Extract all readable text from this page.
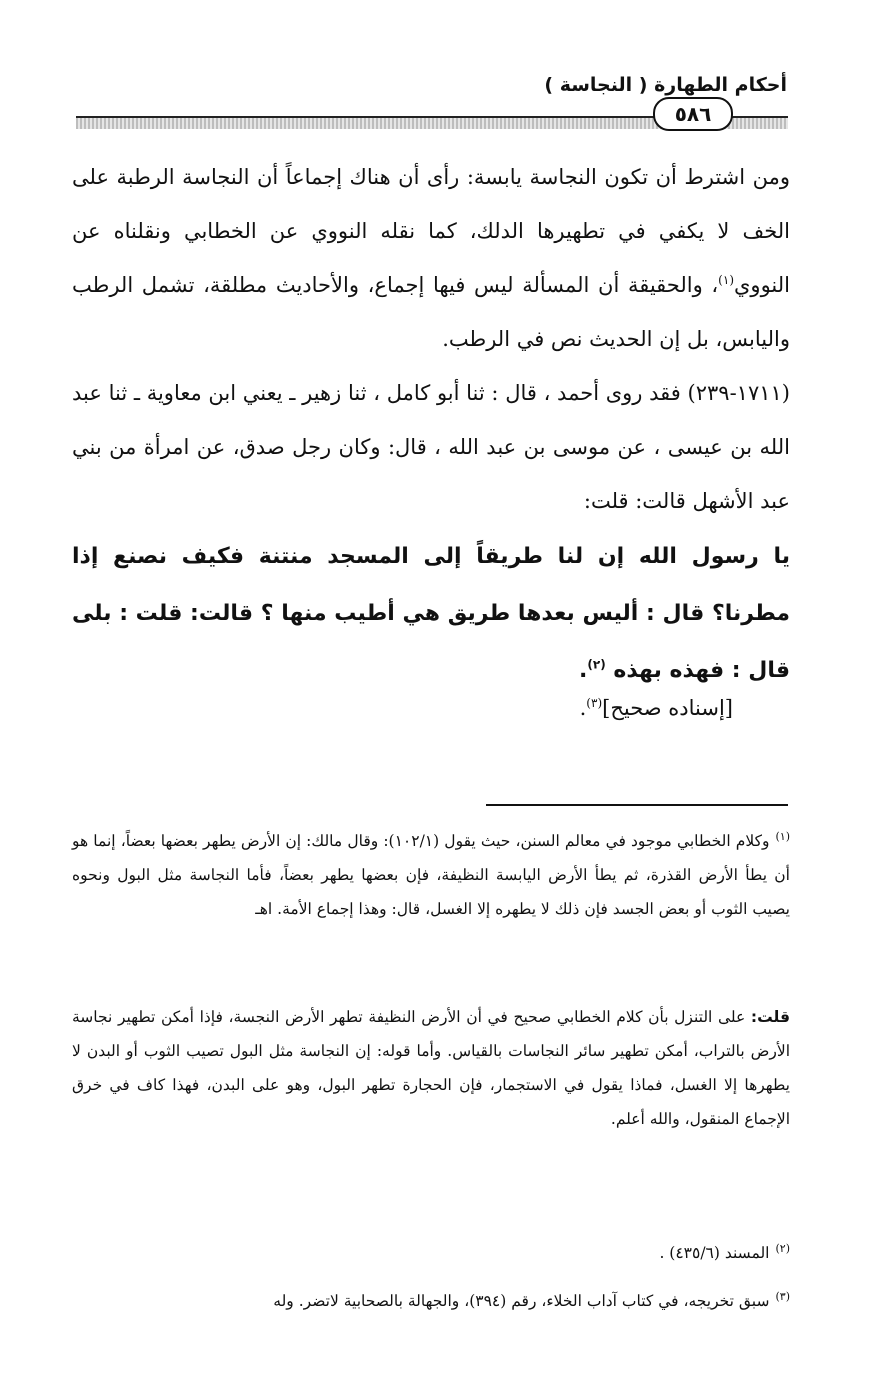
أحكام الطهارة ( النجاسة )
٥٨٦
ومن اشترط أن تكون النجاسة يابسة: رأى أن هناك إجماعاً أن النجاسة الرطبة على الخف لا يكفي في تطهيرها الدلك، كما نقله النووي عن الخطابي ونقلناه عن النووي$^{(١)}$، والحقيقة أن المسألة ليس فيها إجماع، والأحاديث مطلقة، تشمل الرطب واليابس، بل إن الحديث نص في الرطب.
(١٧١١-٢٣٩) فقد روى أحمد ، قال : ثنا أبو كامل ، ثنا زهير ـ يعني ابن معاوية ـ ثنا عبد الله بن عيسى ، عن موسى بن عبد الله ، قال: وكان رجل صدق، عن امرأة من بني عبد الأشهل قالت: قلت:
يا رسول الله إن لنا طريقاً إلى المسجد منتنة فكيف نصنع إذا مطرنا؟ قال : أليس بعدها طريق هي أطيب منها ؟ قالت: قلت : بلى قال : فهذه بهذه $^{(٢)}$.
[إسناده صحيح]$^{(٣)}$.
$^{(١)}$وكلام الخطابي موجود في معالم السنن، حيث يقول (١٠٢/١): وقال مالك: إن الأرض يطهر بعضها بعضاً، إنما هو أن يطأ الأرض القذرة، ثم يطأ الأرض اليابسة النظيفة، فإن بعضها يطهر بعضاً، فأما النجاسة مثل البول ونحوه يصيب الثوب أو بعض الجسد فإن ذلك لا يطهره إلا الغسل، قال: وهذا إجماع الأمة. اهـ
قلت: على التنزل بأن كلام الخطابي صحيح في أن الأرض النظيفة تطهر الأرض النجسة، فإذا أمكن تطهير نجاسة الأرض بالتراب، أمكن تطهير سائر النجاسات بالقياس. وأما قوله: إن النجاسة مثل البول تصيب الثوب أو البدن لا يطهرها إلا الغسل، فماذا يقول في الاستجمار، فإن الحجارة تطهر البول، وهو على البدن، فهذا كاف في خرق الإجماع المنقول، والله أعلم.
$^{(٢)}$المسند (٤٣٥/٦) .
$^{(٣)}$سبق تخريجه، في كتاب آداب الخلاء، رقم (٣٩٤)، والجهالة بالصحابية لاتضر. وله
